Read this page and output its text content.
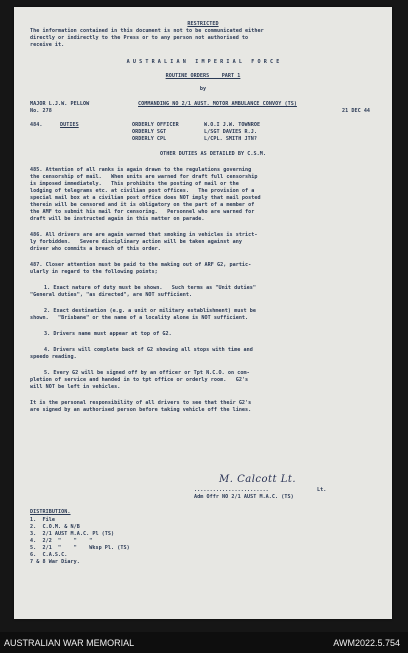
RESTRICTED
The information contained in this document is not to be communicated either
directly or indirectly to the Press or to any person not authorised to
receive it.
A U S T R A L I A N   I M P E R I A L   F O R C E
ROUTINE ORDERS    PART 1
by
MAJOR L.J.W. PELLOW	COMMANDING NO 2/1 AUST. MOTOR AMBULANCE CONVOY (TS)
No. 278	21 DEC 44
484.	DUTIES	ORDERLY OFFICER	W.O.I J.W. TOWNROE
ORDERLY SGT	L/SGT DAVIES R.J.
ORDERLY CPL	L/CPL. SMITH JTN?
OTHER DUTIES AS DETAILED BY C.S.M.
485. Attention of all ranks is again drawn to the regulations governing
the censorship of mail.   When units are warned for draft full censorship
is imposed immediately.   This prohibits the posting of mail or the
lodging of telegrams etc. at civilian post offices.   The provision of a
special mail box at a civilian post office does NOT imply that mail posted
therein will be censored and it is obligatory on the part of a member of
the AMF to submit his mail for censoring.   Personnel who are warned for
draft will be instructed again in this matter on parade.
486. All drivers are are again warned that smoking in vehicles is strict-
ly forbidden.   Severe disciplinary action will be taken against any
driver who commits a breach of this order.
487. Closer attention must be paid to the making out of ARF G2, partic-
ularly in regard to the following points;
1. Exact nature of duty must be shown.   Such terms as "Unit duties"
"General duties", "as directed", are NOT sufficient.
2. Exact destination (e.g. a unit or military establishment) must be
shown.   "Brisbane" or the name of a locality alone is NOT sufficient.
3. Drivers name must appear at top of G2.
4. Drivers will complete back of G2 showing all stops with time and
speedo reading.
5. Every G2 will be signed off by an officer or Tpt N.C.O. on com-
pletion of service and handed in to tpt office or orderly room.   G2's
will NOT be left in vehicles.
It is the personal responsibility of all drivers to see that their G2's
are signed by an authorised person before taking vehicle off the lines.
M. Calcott Lt.
........................	Lt.
Adm Offr NO 2/1 AUST M.A.C. (TS)
DISTRIBUTION.
1.  File
2.  C.O.M. & N/B
3.  2/1 AUST M.A.C. Pl (TS)
4.  2/2  "    "    "
5.  2/1  "    "    Wksp Pl. (TS)
6.  C.A.S.C.
7 & 8 War Diary.
AUSTRALIAN WAR MEMORIAL	AWM2022.5.754
